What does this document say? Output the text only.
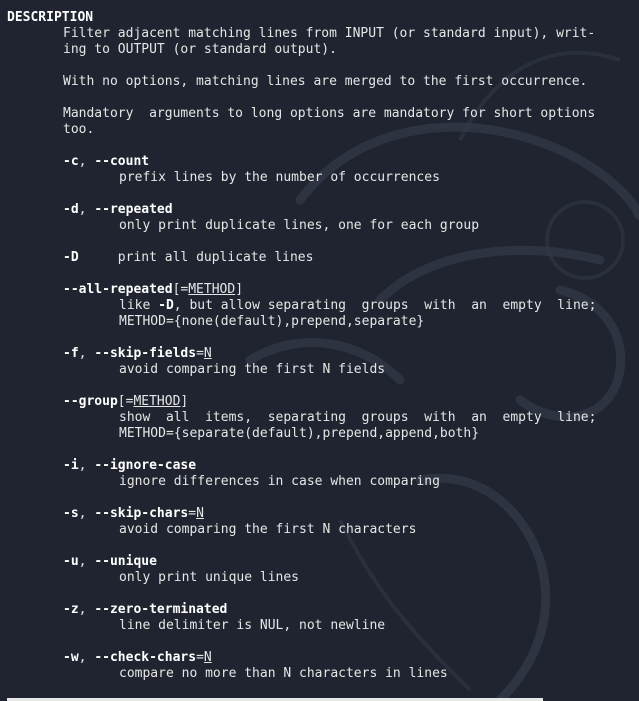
DESCRIPTION
Filter adjacent matching lines from INPUT (or standard input), writ-
ing to OUTPUT (or standard output).
With no options, matching lines are merged to the first occurrence.
Mandatory  arguments to long options are mandatory for short options
too.
-c, --count
prefix lines by the number of occurrences
-d, --repeated
only print duplicate lines, one for each group
-D	print all duplicate lines
--all-repeated[=METHOD]
like -D, but allow separating  groups  with  an  empty  line;
METHOD={none(default),prepend,separate}
-f, --skip-fields=N
avoid comparing the first N fields
--group[=METHOD]
show  all  items,  separating  groups  with  an  empty  line;
METHOD={separate(default),prepend,append,both}
-i, --ignore-case
ignore differences in case when comparing
-s, --skip-chars=N
avoid comparing the first N characters
-u, --unique
only print unique lines
-z, --zero-terminated
line delimiter is NUL, not newline
-w, --check-chars=N
compare no more than N characters in lines
